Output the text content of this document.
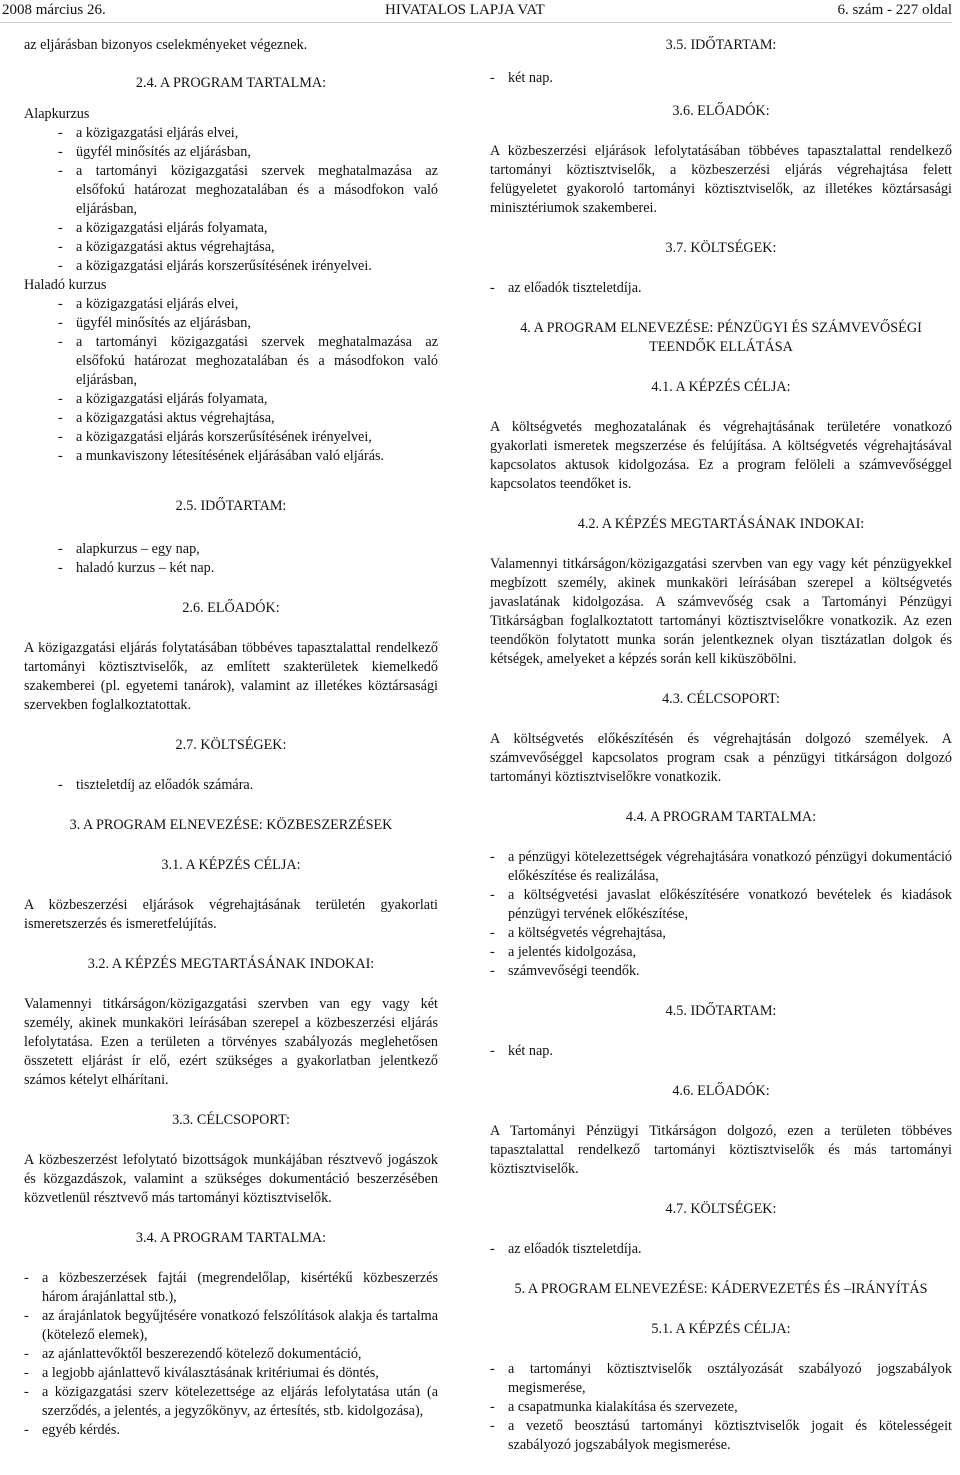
2008 március 26.	HIVATALOS LAPJA VAT	6. szám - 227 oldal

az eljárásban bizonyos cselekményeket végeznek.

2.4. A PROGRAM TARTALMA:
Alapkurzus
- a közigazgatási eljárás elvei,
- ügyfél minősítés az eljárásban,
- a tartományi közigazgatási szervek meghatalmazása az elsőfokú határozat meghozatalában és a másodfokon való eljárásban,
- a közigazgatási eljárás folyamata,
- a közigazgatási aktus végrehajtása,
- a közigazgatási eljárás korszerűsítésének irényelvei.
Haladó kurzus
- a közigazgatási eljárás elvei,
- ügyfél minősítés az eljárásban,
- a tartományi közigazgatási szervek meghatalmazása az elsőfokú határozat meghozatalában és a másodfokon való eljárásban,
- a közigazgatási eljárás folyamata,
- a közigazgatási aktus végrehajtása,
- a közigazgatási eljárás korszerűsítésének irényelvei,
- a munkaviszony létesítésének eljárásában való eljárás.
2.5. IDŐTARTAM:
- alapkurzus – egy nap,
- haladó kurzus – két nap.
2.6. ELŐADÓK:

A közigazgatási eljárás folytatásában többéves tapasztalattal rendelkező tartományi köztisztviselők, az említett szakterületek kiemelkedő szakemberei (pl. egyetemi tanárok), valamint az illetékes köztársasági szervekben foglalkoztatottak.

2.7. KÖLTSÉGEK:
- tiszteletdíj az előadók számára.
3. A PROGRAM ELNEVEZÉSE: KÖZBESZERZÉSEK
3.1. A KÉPZÉS CÉLJA:

A közbeszerzési eljárások végrehajtásának területén gyakorlati ismeretszerzés és ismeretfelújítás.

3.2. A KÉPZÉS MEGTARTÁSÁNAK INDOKAI:

Valamennyi titkárságon/közigazgatási szervben van egy vagy két személy, akinek munkaköri leírásában szerepel a közbeszerzési eljárás lefolytatása. Ezen a területen a törvényes szabályozás meglehetősen összetett eljárást ír elő, ezért szükséges a gyakorlatban jelentkező számos kételyt elhárítani.

3.3. CÉLCSOPORT:

A közbeszerzést lefolytató bizottságok munkájában résztvevő jogászok és közgazdászok, valamint a szükséges dokumentáció beszerzésében közvetlenül résztvevő más tartományi köztisztviselők.

3.4. A PROGRAM TARTALMA:
- a közbeszerzések fajtái (megrendelőlap, kisértékű közbeszerzés három árajánlattal stb.),
- az árajánlatok begyűjtésére vonatkozó felszólítások alakja és tartalma (kötelező elemek),
- az ajánlattevőktől beszerezendő kötelező dokumentáció,
- a legjobb ajánlattevő kiválasztásának kritériumai és döntés,
- a közigazgatási szerv kötelezettsége az eljárás lefolytatása után (a szerződés, a jelentés, a jegyzőkönyv, az értesítés, stb. kidolgozása),
- egyéb kérdés.
3.5. IDŐTARTAM:
- két nap.
3.6. ELŐADÓK:

A közbeszerzési eljárások lefolytatásában többéves tapasztalattal rendelkező tartományi köztisztviselők, a közbeszerzési eljárás végrehajtása felett felügyeletet gyakoroló tartományi köztisztviselők, az illetékes köztársasági minisztériumok szakemberei.

3.7. KÖLTSÉGEK:
- az előadók tiszteletdíja.
4. A PROGRAM ELNEVEZÉSE: PÉNZÜGYI ÉS SZÁMVEVŐSÉGI TEENDŐK ELLÁTÁSA
4.1. A KÉPZÉS CÉLJA:

A költségvetés meghozatalának és végrehajtásának területére vonatkozó gyakorlati ismeretek megszerzése és felújítása. A költségvetés végrehajtásával kapcsolatos aktusok kidolgozása. Ez a program felöleli a számvevőséggel kapcsolatos teendőket is.

4.2. A KÉPZÉS MEGTARTÁSÁNAK INDOKAI:

Valamennyi titkárságon/közigazgatási szervben van egy vagy két pénzügyekkel megbízott személy, akinek munkaköri leírásában szerepel a költségvetés javaslatának kidolgozása. A számvevőség csak a Tartományi Pénzügyi Titkárságban foglalkoztatott tartományi köztisztviselőkre vonatkozik. Az ezen teendőkön folytatott munka során jelentkeznek olyan tisztázatlan dolgok és kétségek, amelyeket a képzés során kell kiküszöbölni.

4.3. CÉLCSOPORT:

A költségvetés előkészítésén és végrehajtásán dolgozó személyek. A számvevőséggel kapcsolatos program csak a pénzügyi titkárságon dolgozó tartományi köztisztviselőkre vonatkozik.

4.4. A PROGRAM TARTALMA:
- a pénzügyi kötelezettségek végrehajtására vonatkozó pénzügyi dokumentáció előkészítése és realizálása,
- a költségvetési javaslat előkészítésére vonatkozó bevételek és kiadások pénzügyi tervének előkészítése,
- a költségvetés végrehajtása,
- a jelentés kidolgozása,
- számvevőségi teendők.
4.5. IDŐTARTAM:
- két nap.
4.6. ELŐADÓK:

A Tartományi Pénzügyi Titkárságon dolgozó, ezen a területen többéves tapasztalattal rendelkező tartományi köztisztviselők és más tartományi köztisztviselők.

4.7. KÖLTSÉGEK:
- az előadók tiszteletdíja.
5. A PROGRAM ELNEVEZÉSE: KÁDERVEZETÉS ÉS –IRÁNYÍTÁS
5.1. A KÉPZÉS CÉLJA:
- a tartományi köztisztviselők osztályozását szabályozó jogszabályok megismerése,
- a csapatmunka kialakítása és szervezete,
- a vezető beosztású tartományi köztisztviselők jogait és kötelességeit szabályozó jogszabályok megismerése.
